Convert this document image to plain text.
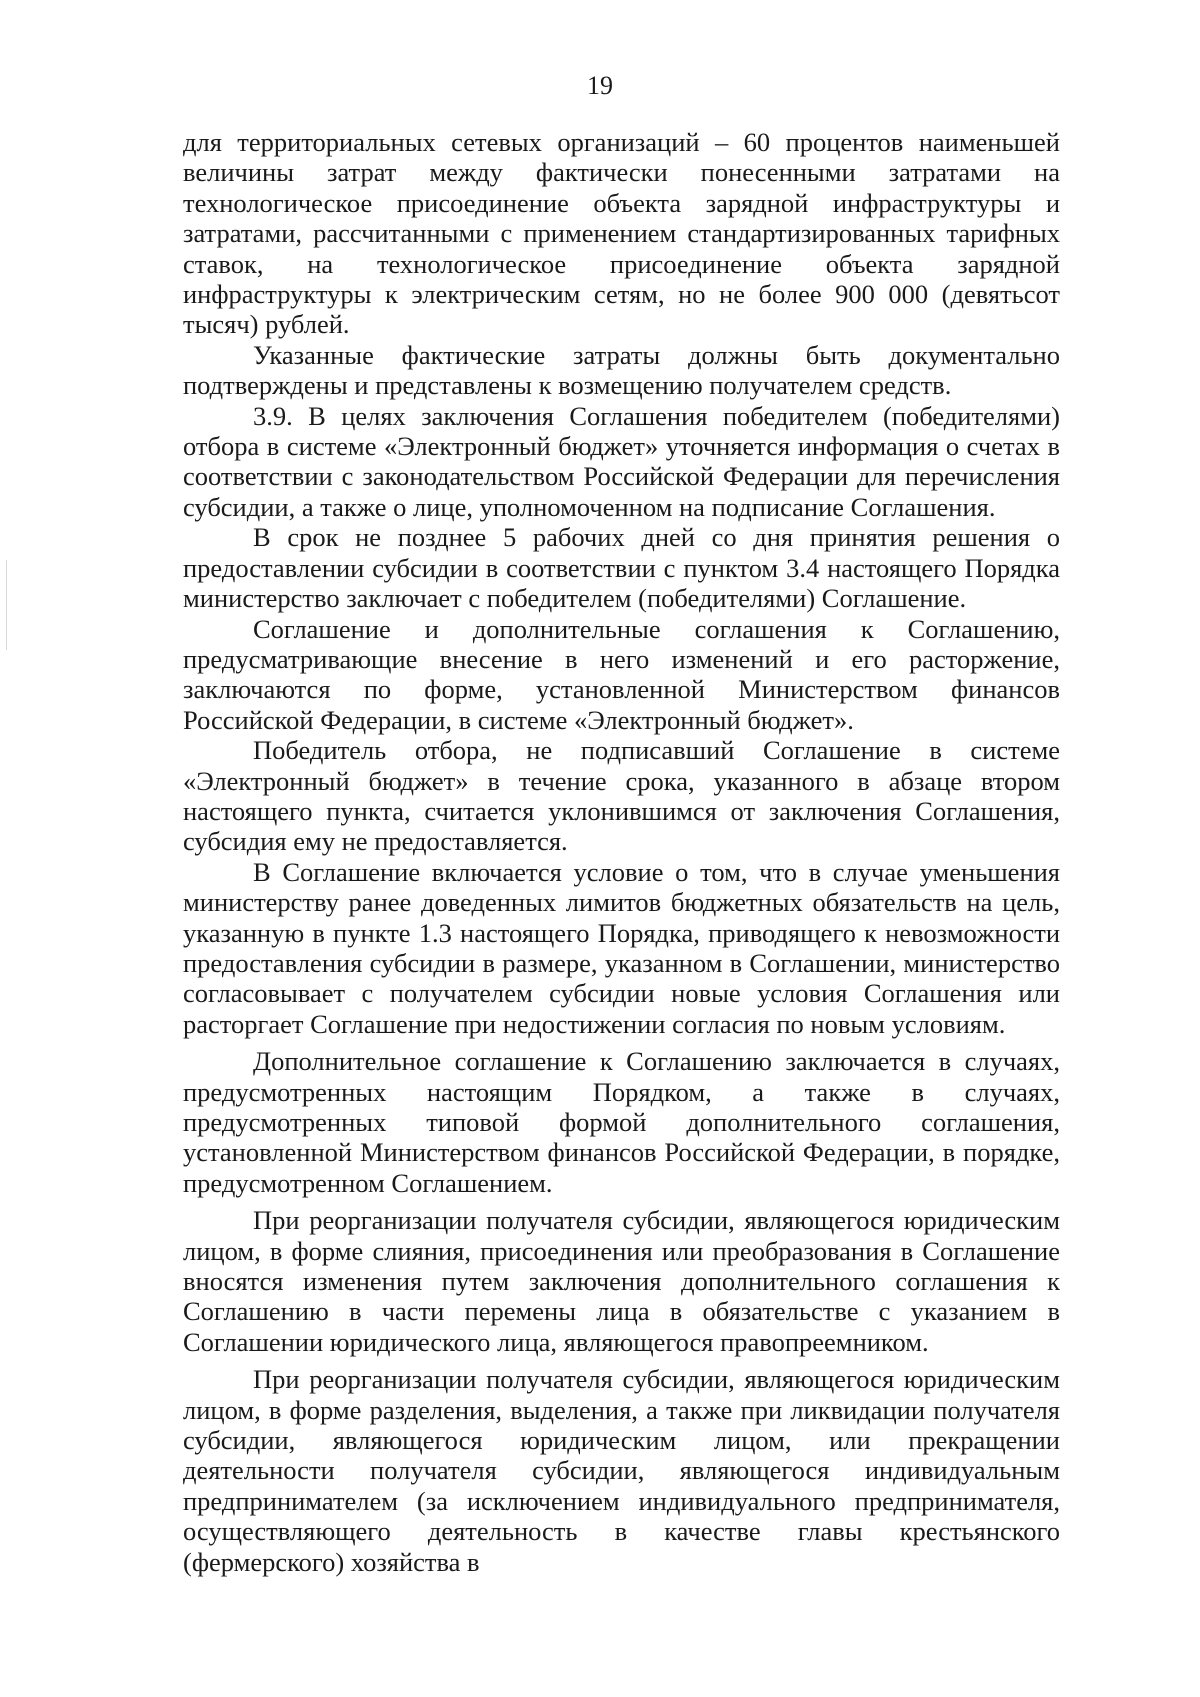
19

для территориальных сетевых организаций – 60 процентов наименьшей величины затрат между фактически понесенными затратами на технологическое присоединение объекта зарядной инфраструктуры и затратами, рассчитанными с применением стандартизированных тарифных ставок, на технологическое присоединение объекта зарядной инфраструктуры к электрическим сетям, но не более 900 000 (девятьсот тысяч) рублей.

Указанные фактические затраты должны быть документально подтверждены и представлены к возмещению получателем средств.

3.9. В целях заключения Соглашения победителем (победителями) отбора в системе «Электронный бюджет» уточняется информация о счетах в соответствии с законодательством Российской Федерации для перечисления субсидии, а также о лице, уполномоченном на подписание Соглашения.

В срок не позднее 5 рабочих дней со дня принятия решения о предоставлении субсидии в соответствии с пунктом 3.4 настоящего Порядка министерство заключает с победителем (победителями) Соглашение.

Соглашение и дополнительные соглашения к Соглашению, предусматривающие внесение в него изменений и его расторжение, заключаются по форме, установленной Министерством финансов Российской Федерации, в системе «Электронный бюджет».

Победитель отбора, не подписавший Соглашение в системе «Электронный бюджет» в течение срока, указанного в абзаце втором настоящего пункта, считается уклонившимся от заключения Соглашения, субсидия ему не предоставляется.

В Соглашение включается условие о том, что в случае уменьшения министерству ранее доведенных лимитов бюджетных обязательств на цель, указанную в пункте 1.3 настоящего Порядка, приводящего к невозможности предоставления субсидии в размере, указанном в Соглашении, министерство согласовывает с получателем субсидии новые условия Соглашения или расторгает Соглашение при недостижении согласия по новым условиям.

Дополнительное соглашение к Соглашению заключается в случаях, предусмотренных настоящим Порядком, а также в случаях, предусмотренных типовой формой дополнительного соглашения, установленной Министерством финансов Российской Федерации, в порядке, предусмотренном Соглашением.

При реорганизации получателя субсидии, являющегося юридическим лицом, в форме слияния, присоединения или преобразования в Соглашение вносятся изменения путем заключения дополнительного соглашения к Соглашению в части перемены лица в обязательстве с указанием в Соглашении юридического лица, являющегося правопреемником.

При реорганизации получателя субсидии, являющегося юридическим лицом, в форме разделения, выделения, а также при ликвидации получателя субсидии, являющегося юридическим лицом, или прекращении деятельности получателя субсидии, являющегося индивидуальным предпринимателем (за исключением индивидуального предпринимателя, осуществляющего деятельность в качестве главы крестьянского (фермерского) хозяйства в
